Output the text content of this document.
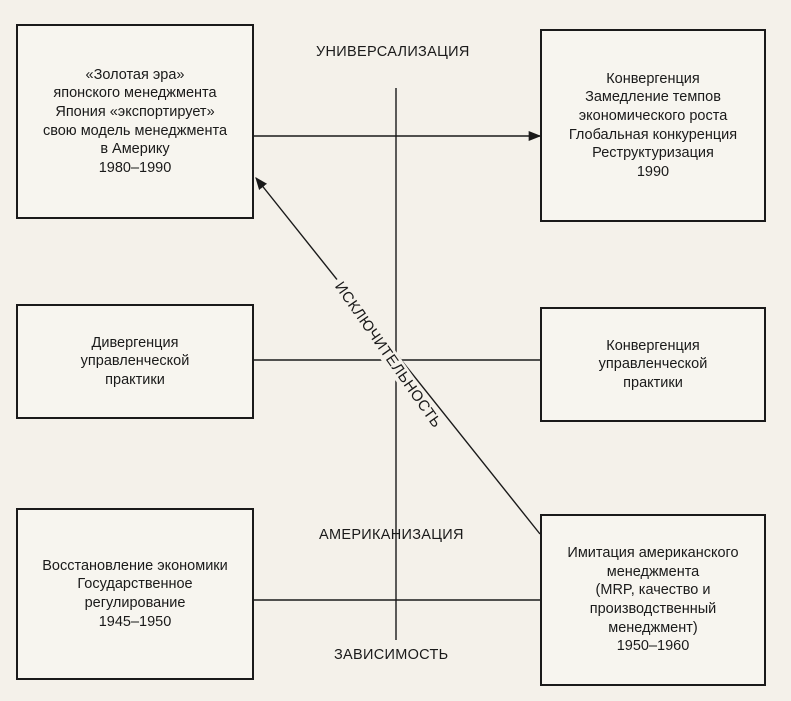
«Золотая эра»
японского менеджмента
Япония «экспортирует»
свою модель менеджмента
в Америку
1980–1990
Конвергенция
Замедление темпов
экономического роста
Глобальная конкуренция
Реструктуризация
1990
Дивергенция
управленческой
практики
Конвергенция
управленческой
практики
Восстановление экономики
Государственное
регулирование
1945–1950
Имитация американского
менеджмента
(MRP, качество и
производственный
менеджмент)
1950–1960
УНИВЕРСАЛИЗАЦИЯ
АМЕРИКАНИЗАЦИЯ
ЗАВИСИМОСТЬ
ИСКЛЮЧИТЕЛЬНОСТЬ
